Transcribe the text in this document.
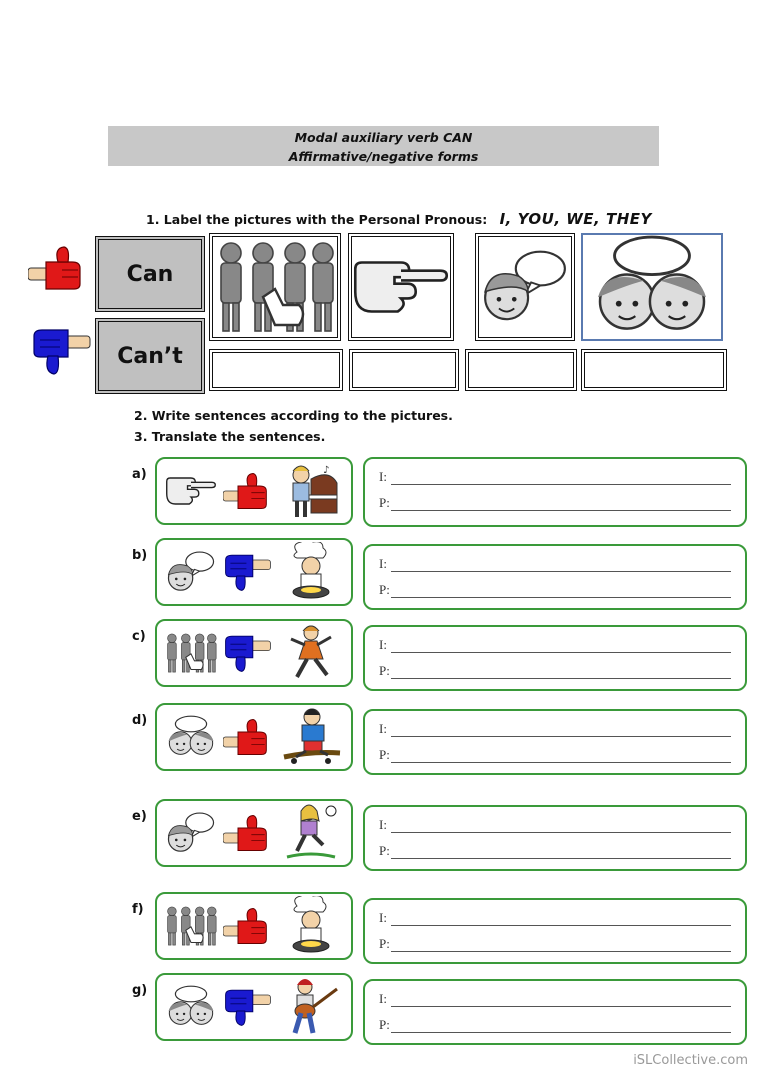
Modal auxiliary verb CAN
Affirmative/negative forms
1. Label the pictures with the Personal Pronous: I, YOU, WE, THEY
Can
Can’t
2. Write sentences according to the pictures.
3. Translate the sentences.
a)	I:
P:
b)
I:
P:
c)
I:
P:
d)
I:
P:
e)
I:
P:
f)
I:
P:
g)
I:
P:
iSLCollective.com
